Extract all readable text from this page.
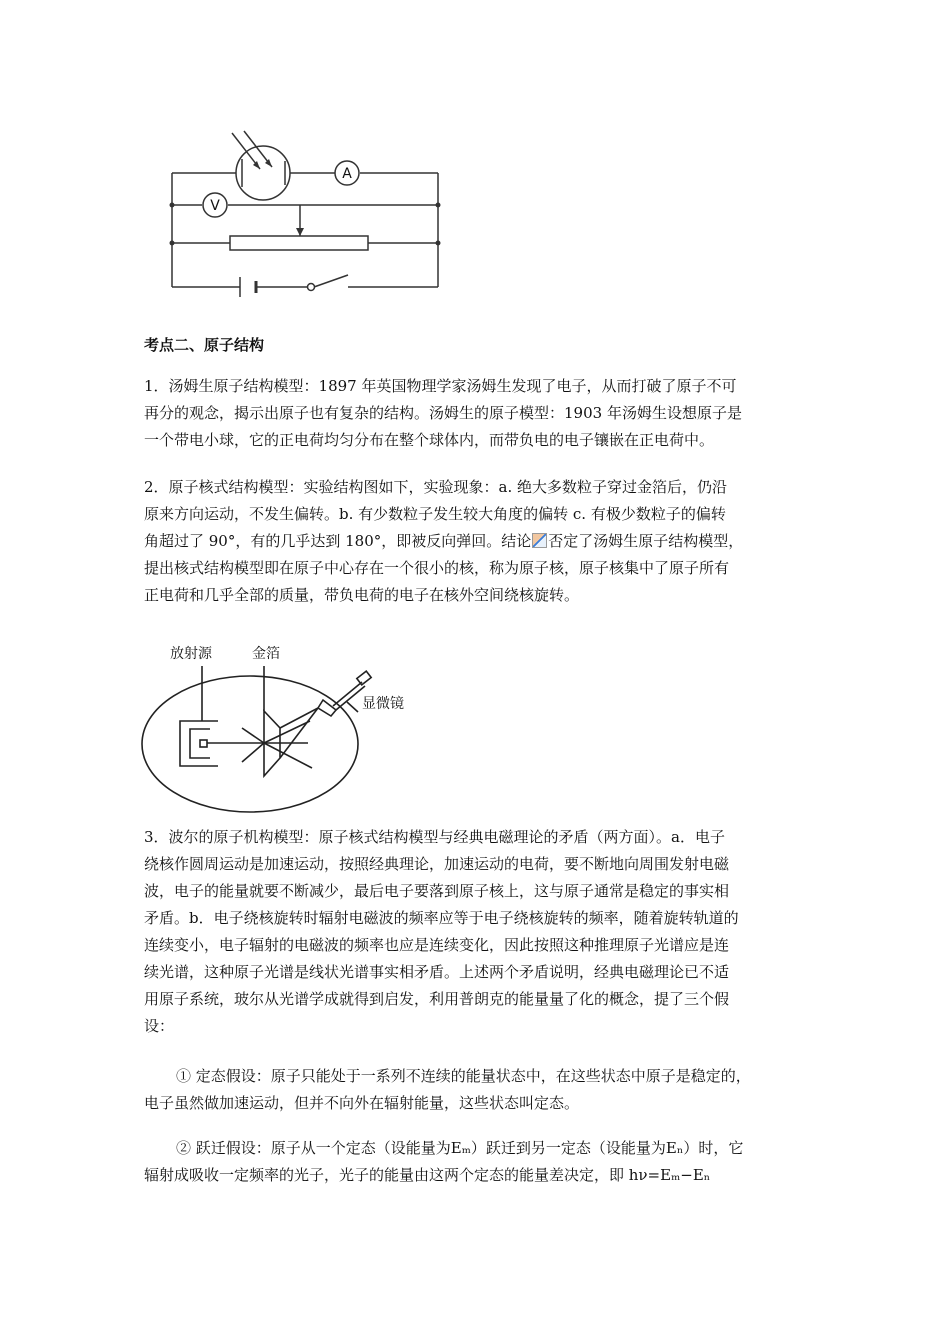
A
V
考点二、原子结构

1．汤姆生原子结构模型：1897 年英国物理学家汤姆生发现了电子，从而打破了原子不可
再分的观念，揭示出原子也有复杂的结构。汤姆生的原子模型：1903 年汤姆生设想原子是
一个带电小球，它的正电荷均匀分布在整个球体内，而带负电的电子镶嵌在正电荷中。

2．原子核式结构模型：实验结构图如下，实验现象：a. 绝大多数粒子穿过金箔后，仍沿
原来方向运动，不发生偏转。b. 有少数粒子发生较大角度的偏转 c. 有极少数粒子的偏转
角超过了 90°，有的几乎达到 180°，即被反向弹回。结论 否定了汤姆生原子结构模型，
提出核式结构模型即在原子中心存在一个很小的核，称为原子核，原子核集中了原子所有
正电荷和几乎全部的质量，带负电荷的电子在核外空间绕核旋转。

放射源	金箔
显微镜

3．波尔的原子机构模型：原子核式结构模型与经典电磁理论的矛盾（两方面）。a．电子
绕核作圆周运动是加速运动，按照经典理论，加速运动的电荷，要不断地向周围发射电磁
波，电子的能量就要不断减少，最后电子要落到原子核上，这与原子通常是稳定的事实相
矛盾。b．电子绕核旋转时辐射电磁波的频率应等于电子绕核旋转的频率，随着旋转轨道的
连续变小，电子辐射的电磁波的频率也应是连续变化，因此按照这种推理原子光谱应是连
续光谱，这种原子光谱是线状光谱事实相矛盾。上述两个矛盾说明，经典电磁理论已不适
用原子系统，玻尔从光谱学成就得到启发，利用普朗克的能量量了化的概念，提了三个假
设：

① 定态假设：原子只能处于一系列不连续的能量状态中，在这些状态中原子是稳定的，
电子虽然做加速运动，但并不向外在辐射能量，这些状态叫定态。

② 跃迁假设：原子从一个定态（设能量为Eₘ）跃迁到另一定态（设能量为Eₙ）时，它
辐射成吸收一定频率的光子，光子的能量由这两个定态的能量差决定，即 hν=Eₘ−Eₙ
